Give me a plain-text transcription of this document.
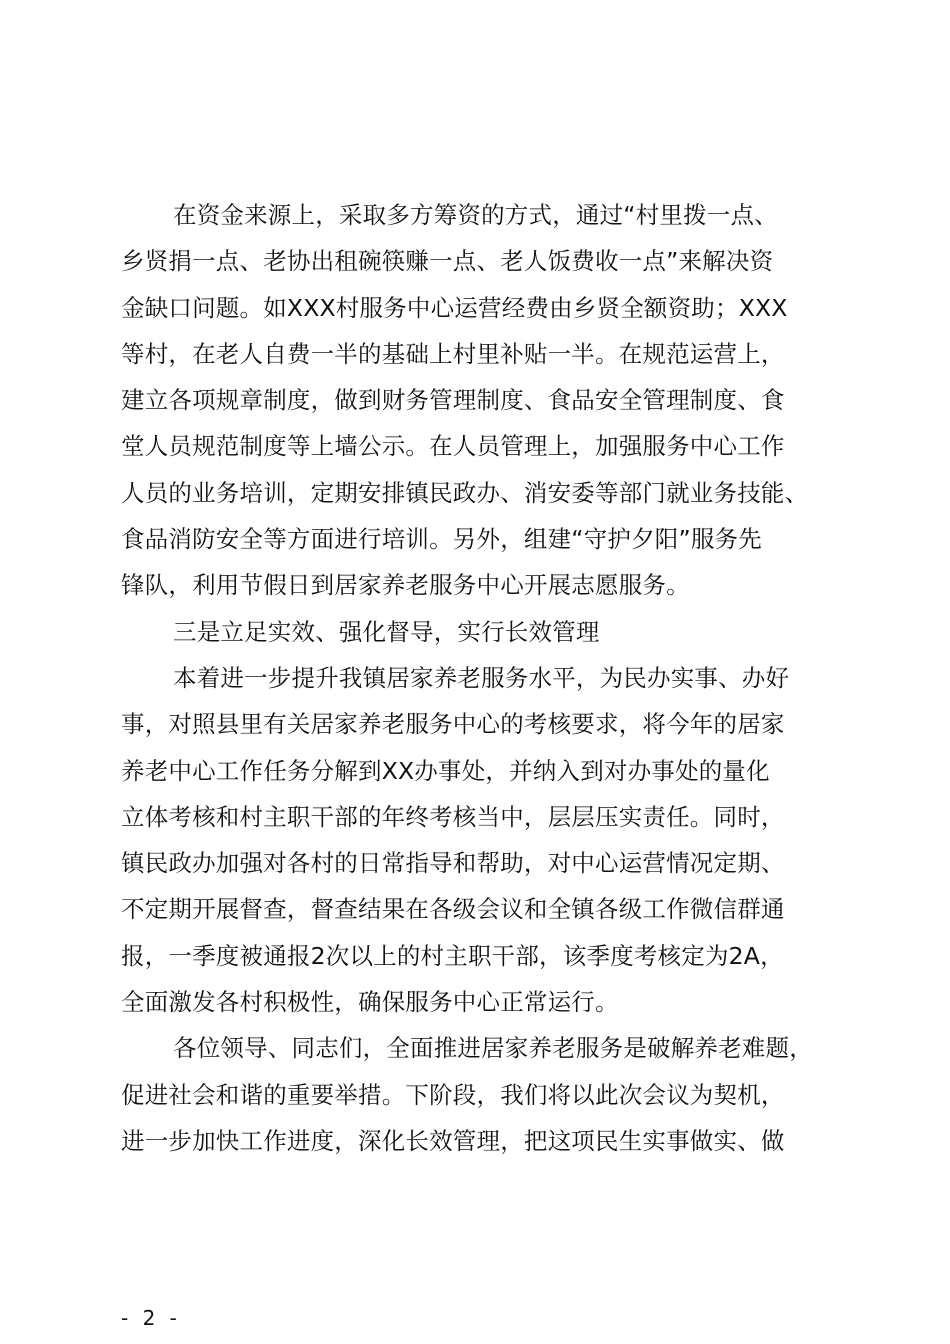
在资金来源上，采取多方筹资的方式，通过“村里拨一点、
乡贤捐一点、老协出租碗筷赚一点、老人饭费收一点”来解决资
金缺口问题。如XXX村服务中心运营经费由乡贤全额资助；XXX
等村，在老人自费一半的基础上村里补贴一半。在规范运营上，
建立各项规章制度，做到财务管理制度、食品安全管理制度、食
堂人员规范制度等上墙公示。在人员管理上，加强服务中心工作
人员的业务培训，定期安排镇民政办、消安委等部门就业务技能、
食品消防安全等方面进行培训。另外，组建“守护夕阳”服务先
锋队，利用节假日到居家养老服务中心开展志愿服务。
三是立足实效、强化督导，实行长效管理
本着进一步提升我镇居家养老服务水平，为民办实事、办好
事，对照县里有关居家养老服务中心的考核要求，将今年的居家
养老中心工作任务分解到XX办事处，并纳入到对办事处的量化
立体考核和村主职干部的年终考核当中，层层压实责任。同时，
镇民政办加强对各村的日常指导和帮助，对中心运营情况定期、
不定期开展督查，督查结果在各级会议和全镇各级工作微信群通
报，一季度被通报2次以上的村主职干部，该季度考核定为2A，
全面激发各村积极性，确保服务中心正常运行。
各位领导、同志们，全面推进居家养老服务是破解养老难题，
促进社会和谐的重要举措。下阶段，我们将以此次会议为契机，
进一步加快工作进度，深化长效管理，把这项民生实事做实、做
- 2 -
